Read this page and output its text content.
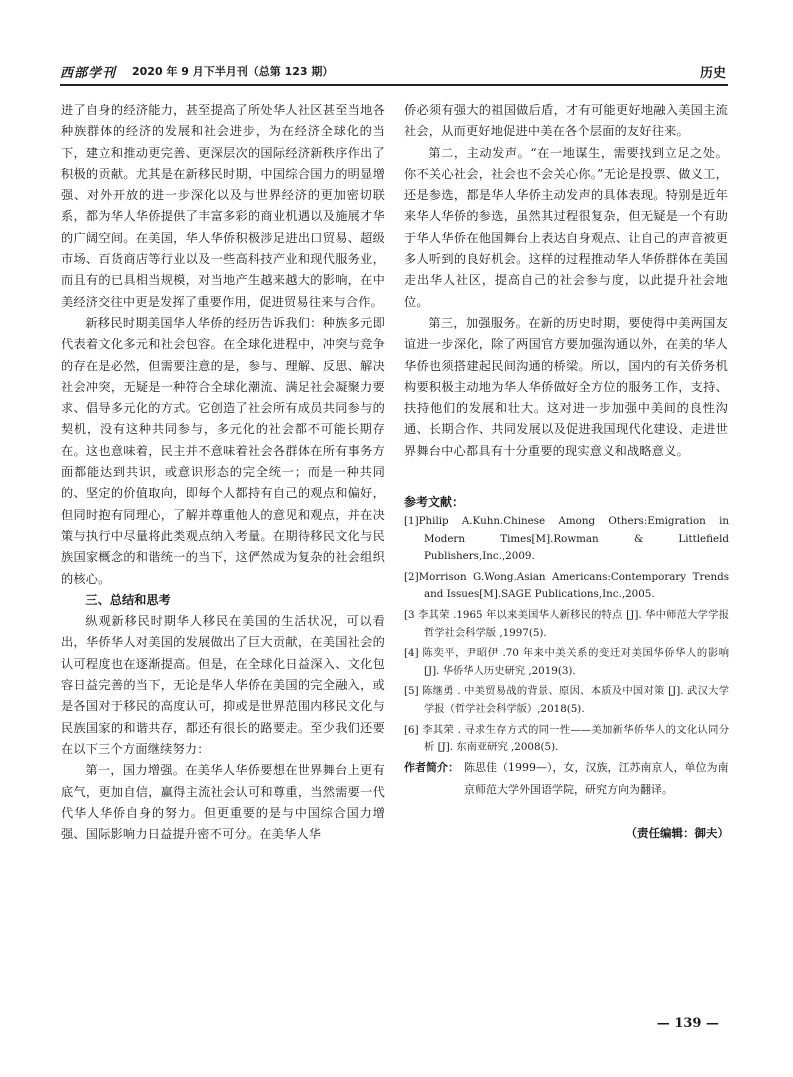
西部学刊 2020 年 9 月下半月刊（总第 123 期）	历史

进了自身的经济能力，甚至提高了所处华人社区甚至当地各种族群体的经济的发展和社会进步，为在经济全球化的当下，建立和推动更完善、更深层次的国际经济新秩序作出了积极的贡献。尤其是在新移民时期，中国综合国力的明显增强、对外开放的进一步深化以及与世界经济的更加密切联系，都为华人华侨提供了丰富多彩的商业机遇以及施展才华的广阔空间。在美国，华人华侨积极涉足进出口贸易、超级市场、百货商店等行业以及一些高科技产业和现代服务业，而且有的已具相当规模，对当地产生越来越大的影响，在中美经济交往中更是发挥了重要作用，促进贸易往来与合作。

新移民时期美国华人华侨的经历告诉我们：种族多元即代表着文化多元和社会包容。在全球化进程中，冲突与竞争的存在是必然，但需要注意的是，参与、理解、反思、解决社会冲突，无疑是一种符合全球化潮流、满足社会凝聚力要求、倡导多元化的方式。它创造了社会所有成员共同参与的契机，没有这种共同参与，多元化的社会都不可能长期存在。这也意味着，民主并不意味着社会各群体在所有事务方面都能达到共识，或意识形态的完全统一；而是一种共同的、坚定的价值取向，即每个人都持有自己的观点和偏好，但同时抱有同理心，了解并尊重他人的意见和观点，并在决策与执行中尽量将此类观点纳入考量。在期待移民文化与民族国家概念的和谐统一的当下，这俨然成为复杂的社会组织的核心。

三、总结和思考

纵观新移民时期华人移民在美国的生活状况，可以看出，华侨华人对美国的发展做出了巨大贡献，在美国社会的认可程度也在逐渐提高。但是，在全球化日益深入、文化包容日益完善的当下，无论是华人华侨在美国的完全融入，或是各国对于移民的高度认可，抑或是世界范围内移民文化与民族国家的和谐共存，都还有很长的路要走。至少我们还要在以下三个方面继续努力：

第一，国力增强。在美华人华侨要想在世界舞台上更有底气，更加自信，赢得主流社会认可和尊重，当然需要一代代华人华侨自身的努力。但更重要的是与中国综合国力增强、国际影响力日益提升密不可分。在美华人华

侨必须有强大的祖国做后盾，才有可能更好地融入美国主流社会，从而更好地促进中美在各个层面的友好往来。

第二，主动发声。“在一地谋生，需要找到立足之处。你不关心社会，社会也不会关心你。”无论是投票、做义工，还是参选，都是华人华侨主动发声的具体表现。特别是近年来华人华侨的参选，虽然其过程很复杂，但无疑是一个有助于华人华侨在他国舞台上表达自身观点、让自己的声音被更多人听到的良好机会。这样的过程推动华人华侨群体在美国走出华人社区，提高自己的社会参与度，以此提升社会地位。

第三，加强服务。在新的历史时期，要使得中美两国友谊进一步深化，除了两国官方要加强沟通以外，在美的华人华侨也须搭建起民间沟通的桥梁。所以，国内的有关侨务机构要积极主动地为华人华侨做好全方位的服务工作，支持、扶持他们的发展和壮大。这对进一步加强中美间的良性沟通、长期合作、共同发展以及促进我国现代化建设、走进世界舞台中心都具有十分重要的现实意义和战略意义。

参考文献：

[1]Philip A.Kuhn.Chinese Among Others:Emigration in Modern Times[M].Rowman & Littlefield Publishers,Inc.,2009.

[2]Morrison G.Wong.Asian Americans:Contemporary Trends and Issues[M].SAGE Publications,Inc.,2005.

[3 李其荣 .1965 年以来美国华人新移民的特点 [J]. 华中师范大学学报哲学社会科学版 ,1997(5).

[4] 陈奕平，尹昭伊 .70 年来中美关系的变迁对美国华侨华人的影响 [J]. 华侨华人历史研究 ,2019(3).

[5] 陈继勇 . 中美贸易战的背景、原因、本质及中国对策 [J]. 武汉大学学报（哲学社会科学版）,2018(5).

[6] 李其荣 . 寻求生存方式的同一性——美加新华侨华人的文化认同分析 [J]. 东南亚研究 ,2008(5).

作者简介： 陈思佳（1999—），女，汉族，江苏南京人，单位为南京师范大学外国语学院，研究方向为翻译。
（责任编辑：御夫）
— 139 —
